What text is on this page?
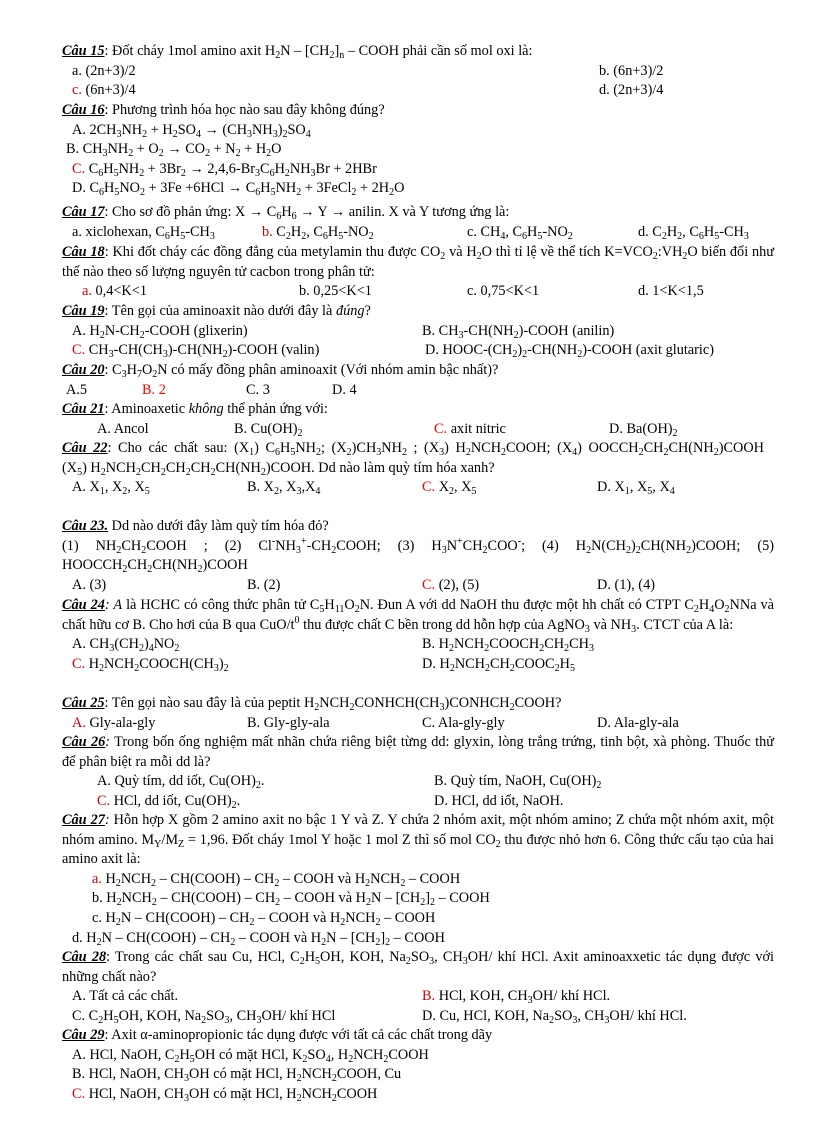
Câu 15: Đốt cháy 1mol amino axit $H_2N - [CH_2]_n$ – COOH phải cần số mol oxi là:
a. (2n+3)/2	b. (6n+3)/2
c. (6n+3)/4	d. (2n+3)/4
Câu 16: Phương trình hóa học nào sau đây không đúng?
A. $2CH_3NH_2 + H_2SO_4 \to (CH_3NH_3)_2SO_4$
B. $CH_3NH_2 + O_2 \to CO_2 + N_2 + H_2O$
C. $C_6H_5NH_2 + 3Br_2 \to 2,4,6-Br_3C_6H_2NH_3Br + 2HBr$
D. $C_6H_5NO_2 + 3Fe +6HCl \to C_6H_5NH_2$ + 3FeCl$_2$ + $2H_2O$
Câu 17: Cho sơ đồ phản ứng: $X \to C_6H_6 \to Y$ → anilin. X và Y tương ứng là:
a. xiclohexan, $C_6H_5-CH_3$	b. $C_2H_2$, $C_6H_5-NO_2$	c. $CH_4$, $C_6H_5-NO_2$	d. $C_2H_2$, $C_6H_5-CH_3$
Câu 18: Khi đốt cháy các đồng đẳng của metylamin thu được $CO_2$ và $H_2O$ thì tỉ lệ về thể tích $K=VCO_2:VH_2O$ biến đổi như thế nào theo số lượng nguyên tử cacbon trong phân tử:
a. 0,4<K<1	b. 0,25<K<1	c. 0,75<K<1	d. 1<K<1,5
Câu 19: Tên gọi của aminoaxit nào dưới đây là đúng?
A. $H_2N-CH_2$-COOH (glixerin)	B. $CH_3-CH(NH_2)$-COOH (anilin)
C. $CH_3-CH(CH_3)-CH(NH_2)$-COOH (valin)	D. HOOC-$(CH_2)_2-CH(NH_2)$-COOH (axit glutaric)
Câu 20: $C_3H_7O_2N$ có mấy đồng phân aminoaxit (Với nhóm amin bậc nhất)?
A.5	B. 2	C. 3	D. 4
Câu 21: Aminoaxetic không thể phản ứng với:
A. Ancol	B. $Cu(OH)_2$	C. axit nitric	D. $Ba(OH)_2$
Câu 22: Cho các chất sau: $(X_1)$ $C_6H_5NH_2$; $(X_2)CH_3NH_2$ ; $(X_3)$ $H_2NCH_2COOH$; $(X_4)$ $OOCCH_2CH_2CH(NH_2)COOH$
$(X_5)$ $H_2NCH_2CH_2CH_2CH_2CH(NH_2)COOH$. Dd nào làm quỳ tím hóa xanh?
A. $X_1$, $X_2$, $X_5$	B. $X_2$, $X_3,X_4$	C. $X_2$, $X_5$	D. $X_1$, $X_5$, $X_4$
Câu 23. Dd nào dưới đây làm quỳ tím hóa đỏ?
(1) $NH_2CH_2COOH$ ; (2) $Cl^-NH_3^+-CH_2COOH$; (3) $H_3N^+CH_2COO^-$; (4) $H_2N(CH_2)_2CH(NH_2)COOH$; (5) $HOOCCH_2CH_2CH(NH_2)COOH$
A. (3)	B. (2)	C. (2), (5)	D. (1), (4)
Câu 24: A là HCHC có công thức phân tử $C_5H_{11}O_2N$. Đun A với dd NaOH thu được một hh chất có CTPT $C_2H_4O_2NNa$ và chất hữu cơ B. Cho hơi của B qua CuO/$t^0$ thu được chất C bền trong dd hỗn hợp của AgNO$_3$ và $NH_3$. CTCT của A là:
A. $CH_3(CH_2)_4NO_2$	B. $H_2NCH_2COOCH_2CH_2CH_3$
C. $H_2NCH_2COOCH(CH_3)_2$	D. $H_2NCH_2CH_2COOC_2H_5$
Câu 25: Tên gọi nào sau đây là của peptit $H_2NCH_2CONHCH(CH_3)CONHCH_2COOH$?
A. Gly-ala-gly	B. Gly-gly-ala	C. Ala-gly-gly	D. Ala-gly-ala
Câu 26: Trong bốn ống nghiệm mất nhãn chứa riêng biệt từng dd: glyxin, lòng trắng trứng, tinh bột, xà phòng. Thuốc thử để phân biệt ra mỗi dd là?
A. Quỳ tím, dd iốt, $Cu(OH)_2$.	B. Quỳ tím, NaOH, $Cu(OH)_2$
C. HCl, dd iốt, $Cu(OH)_2$.	D. HCl, dd iốt, NaOH.
Câu 27: Hỗn hợp X gồm 2 amino axit no bậc 1 Y và Z. Y chứa 2 nhóm axit, một nhóm amino; Z chứa một nhóm axit, một nhóm amino. $M_Y/M_Z = 1,96$. Đốt cháy 1mol Y hoặc 1 mol Z thì số mol $CO_2$ thu được nhỏ hơn 6. Công thức cấu tạo của hai amino axit là:
a. $H_2NCH_2$ – CH(COOH) – $CH_2$ – COOH và $H_2NCH_2$ – COOH
b. $H_2NCH_2$ – CH(COOH) – $CH_2$ – COOH và $H_2N - [CH_2]_2$ – COOH
c. $H_2N$ – CH(COOH) – $CH_2$ – COOH và $H_2NCH_2$ – COOH
d. $H_2N$ – CH(COOH) – $CH_2$ – COOH và $H_2N - [CH_2]_2$ – COOH
Câu 28: Trong các chất sau Cu, HCl, $C_2H_5OH$, KOH, $Na_2SO_3$, $CH_3OH/$ khí HCl. Axit aminoaxxetic tác dụng được với những chất nào?
A. Tất cả các chất.	B. HCl, KOH, $CH_3OH/$ khí HCl.
C. $C_2H_5OH$, KOH, $Na_2SO_3$, $CH_3OH/$ khí HCl	D. Cu, HCl, KOH, $Na_2SO_3$, $CH_3OH/$ khí HCl.
Câu 29: Axit α-aminopropionic tác dụng được với tất cả các chất trong dãy
A. HCl, NaOH, $C_2H_5OH$ có mặt HCl, $K_2SO_4$, $H_2NCH_2COOH$
B. HCl, NaOH, $CH_3OH$ có mặt HCl, $H_2NCH_2COOH$, Cu
C. HCl, NaOH, $CH_3OH$ có mặt HCl, $H_2NCH_2COOH$
